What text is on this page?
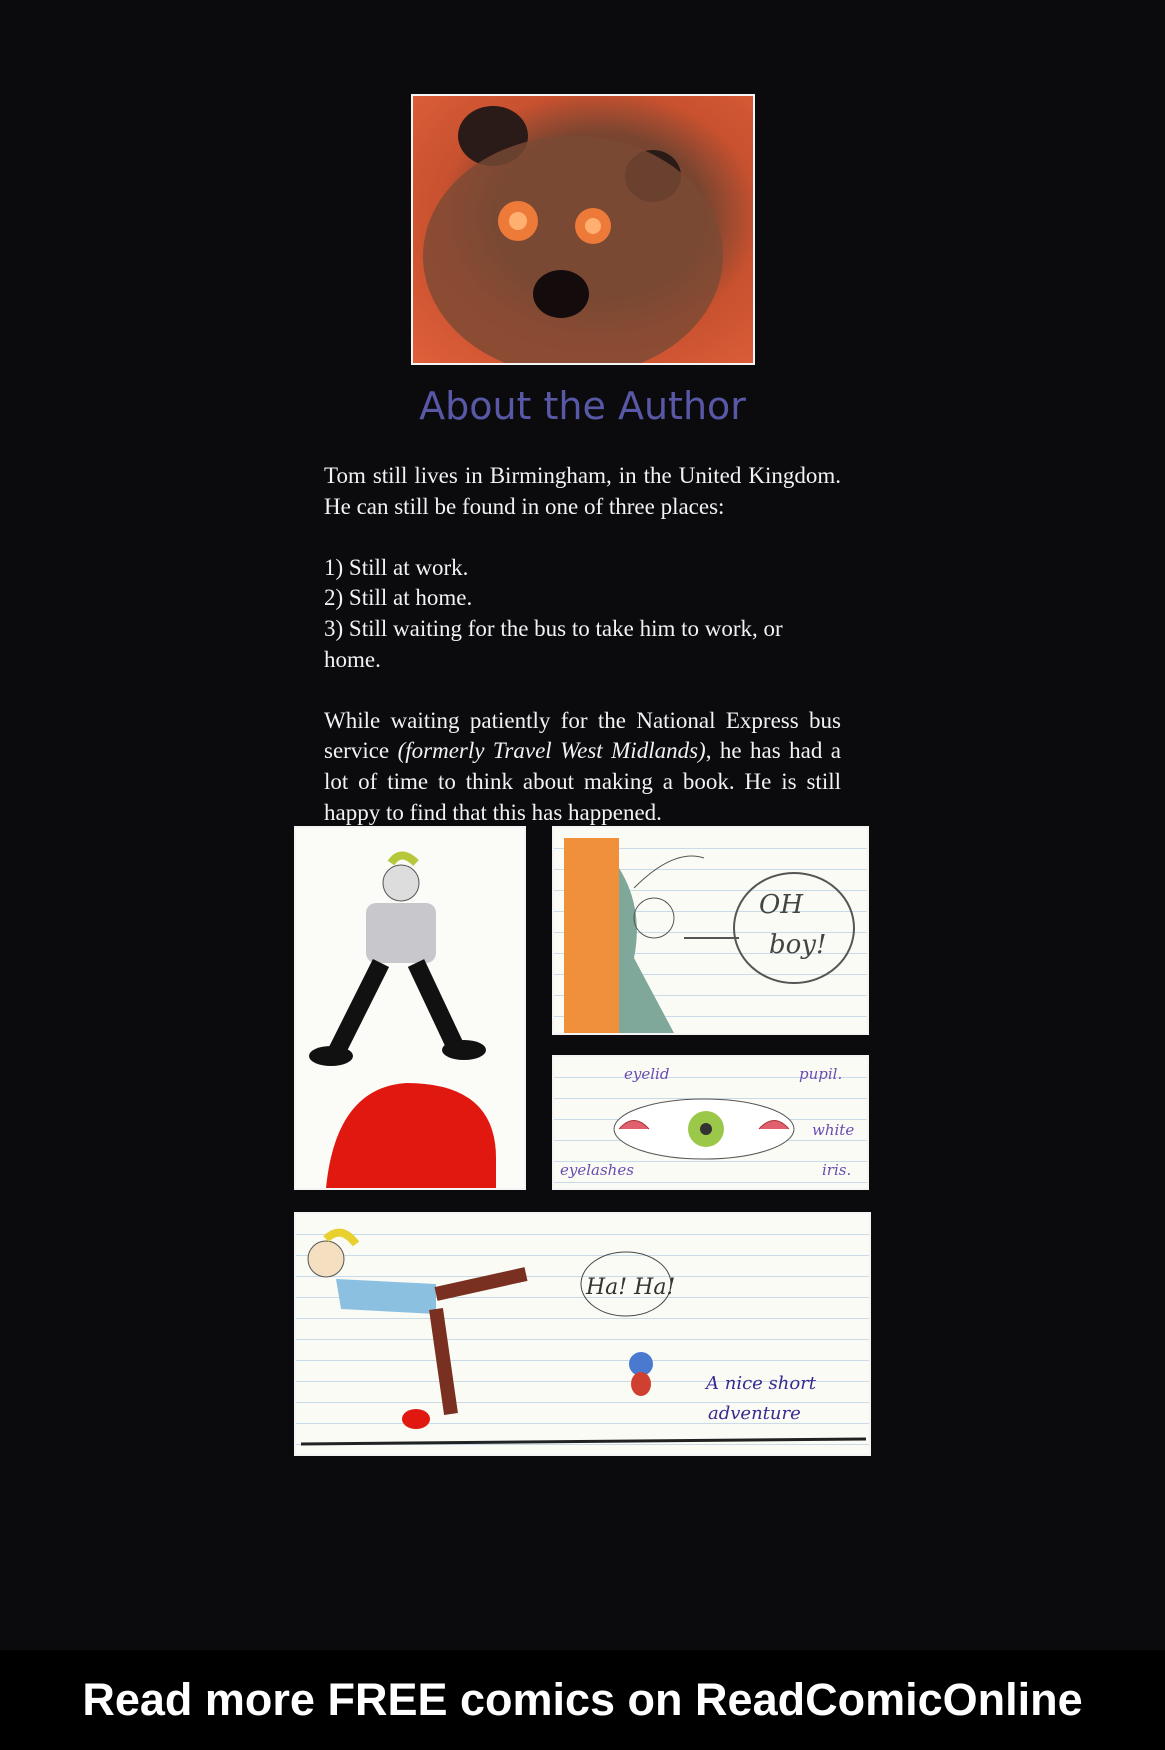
About the Author

Tom still lives in Birmingham, in the United Kingdom. He can still be found in one of three places:

1) Still at work.
2) Still at home.
3) Still waiting for the bus to take him to work, or home.

While waiting patiently for the National Express bus service (formerly Travel West Midlands), he has had a lot of time to think about making a book. He is still happy to find that this has happened.

OH
boy!
eyelid	pupil.
white
iris.
eyelashes
Ha! Ha!
A nice short
adventure
Read more FREE comics on ReadComicOnline
